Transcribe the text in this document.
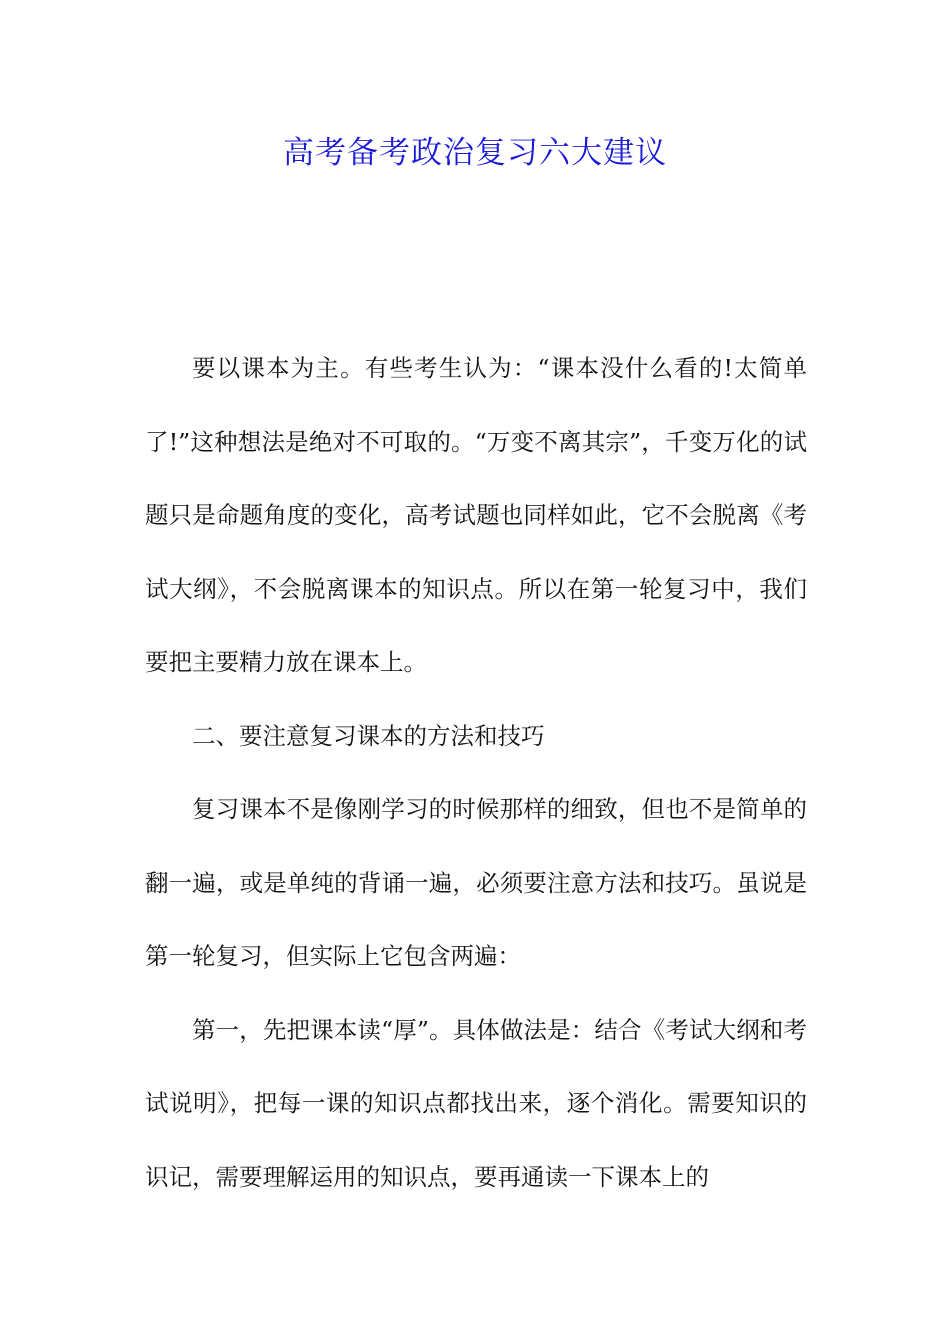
高考备考政治复习六大建议

要以课本为主。有些考生认为：“课本没什么看的!太简单了!”这种想法是绝对不可取的。“万变不离其宗”，千变万化的试题只是命题角度的变化，高考试题也同样如此，它不会脱离《考试大纲》，不会脱离课本的知识点。所以在第一轮复习中，我们要把主要精力放在课本上。

二、要注意复习课本的方法和技巧

复习课本不是像刚学习的时候那样的细致，但也不是简单的翻一遍，或是单纯的背诵一遍，必须要注意方法和技巧。虽说是第一轮复习，但实际上它包含两遍：

第一，先把课本读“厚”。具体做法是：结合《考试大纲和考试说明》，把每一课的知识点都找出来，逐个消化。需要知识的识记，需要理解运用的知识点，要再通读一下课本上的
